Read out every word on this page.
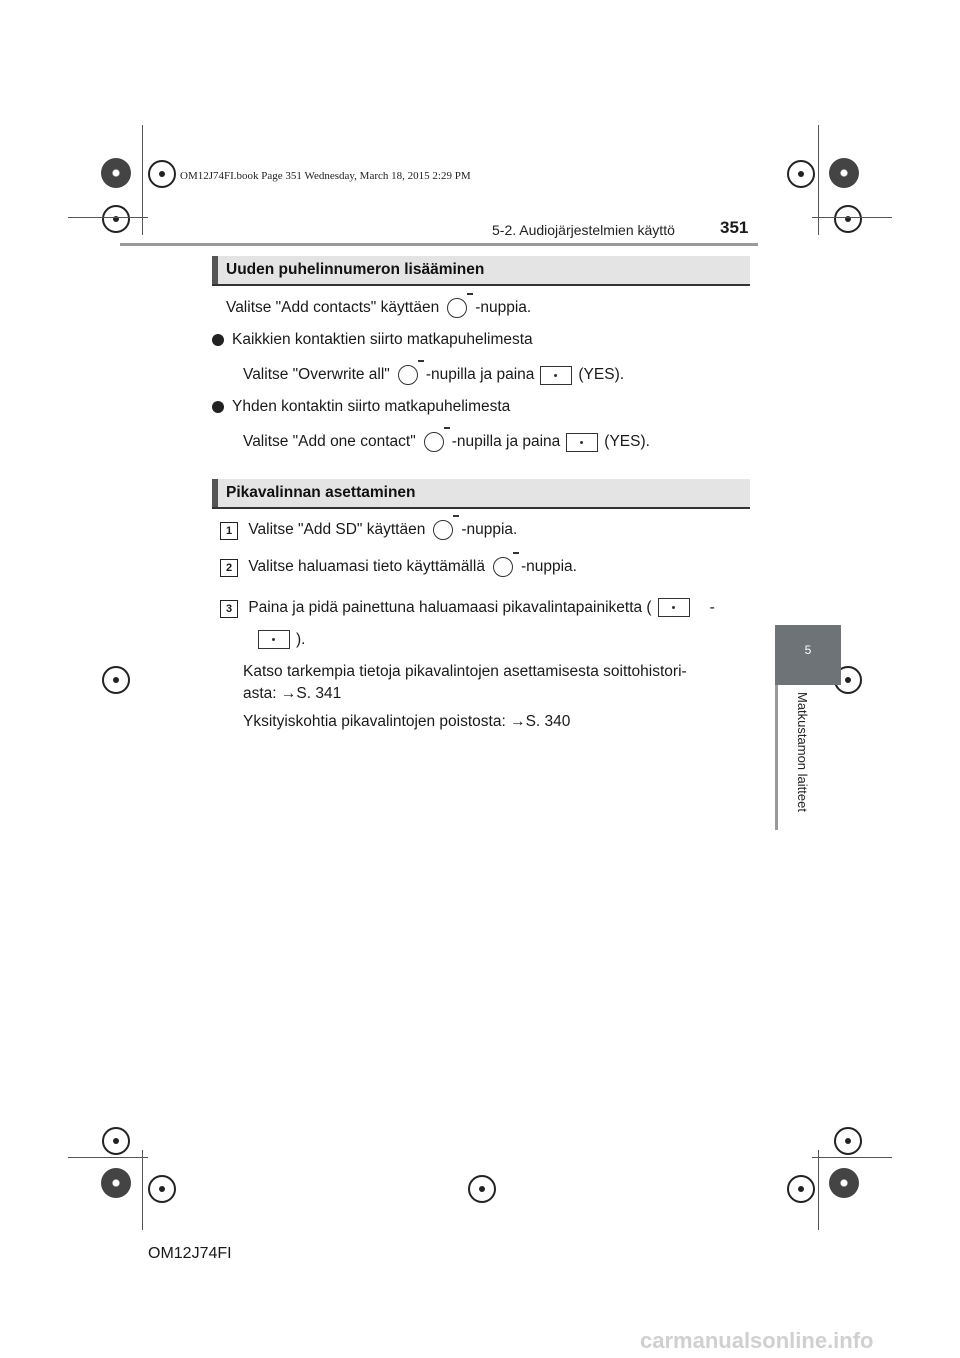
OM12J74FI.book Page 351 Wednesday, March 18, 2015 2:29 PM
5-2. Audiojärjestelmien käyttö	351
5
Matkustamon laitteet
Uuden puhelinnumeron lisääminen
Valitse "Add contacts" käyttäen -nuppia.
Kaikkien kontaktien siirto matkapuhelimesta
Valitse "Overwrite all" -nupilla ja paina	(YES).
Yhden kontaktin siirto matkapuhelimesta
Valitse "Add one contact" -nupilla ja paina	(YES).
Pikavalinnan asettaminen
1 Valitse "Add SD" käyttäen -nuppia.
2 Valitse haluamasi tieto käyttämällä -nuppia.
3 Paina ja pidä painettuna haluamaasi pikavalintapainiketta (	-
).
Katso tarkempia tietoja pikavalintojen asettamisesta soittohistori-
asta: →S. 341
Yksityiskohtia pikavalintojen poistosta: →S. 340
OM12J74FI
carmanualsonline.info
